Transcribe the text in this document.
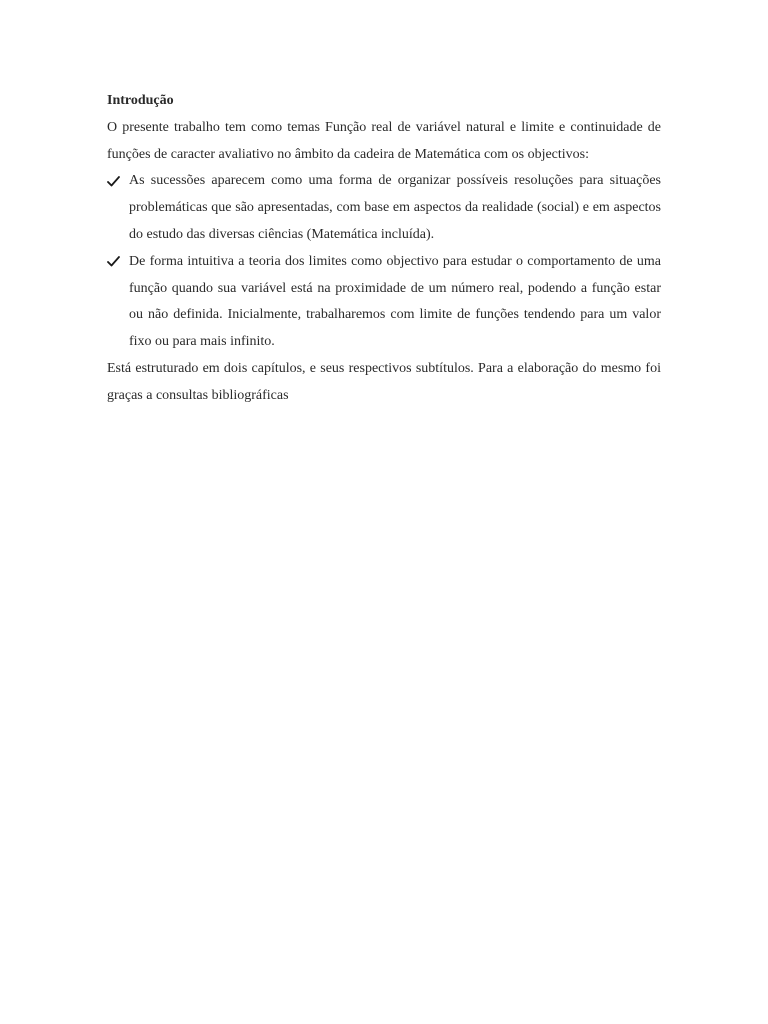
Introdução

O presente trabalho tem como temas Função real de variável natural e limite e continuidade de funções de caracter avaliativo no âmbito da cadeira de Matemática com os objectivos:

As sucessões aparecem como uma forma de organizar possíveis resoluções para situações problemáticas que são apresentadas, com base em aspectos da realidade (social) e em aspectos do estudo das diversas ciências (Matemática incluída).
De forma intuitiva a teoria dos limites como objectivo para estudar o comportamento de uma função quando sua variável está na proximidade de um número real, podendo a função estar ou não definida. Inicialmente, trabalharemos com limite de funções tendendo para um valor fixo ou para mais infinito.

Está estruturado em dois capítulos, e seus respectivos subtítulos. Para a elaboração do mesmo foi graças a consultas bibliográficas
